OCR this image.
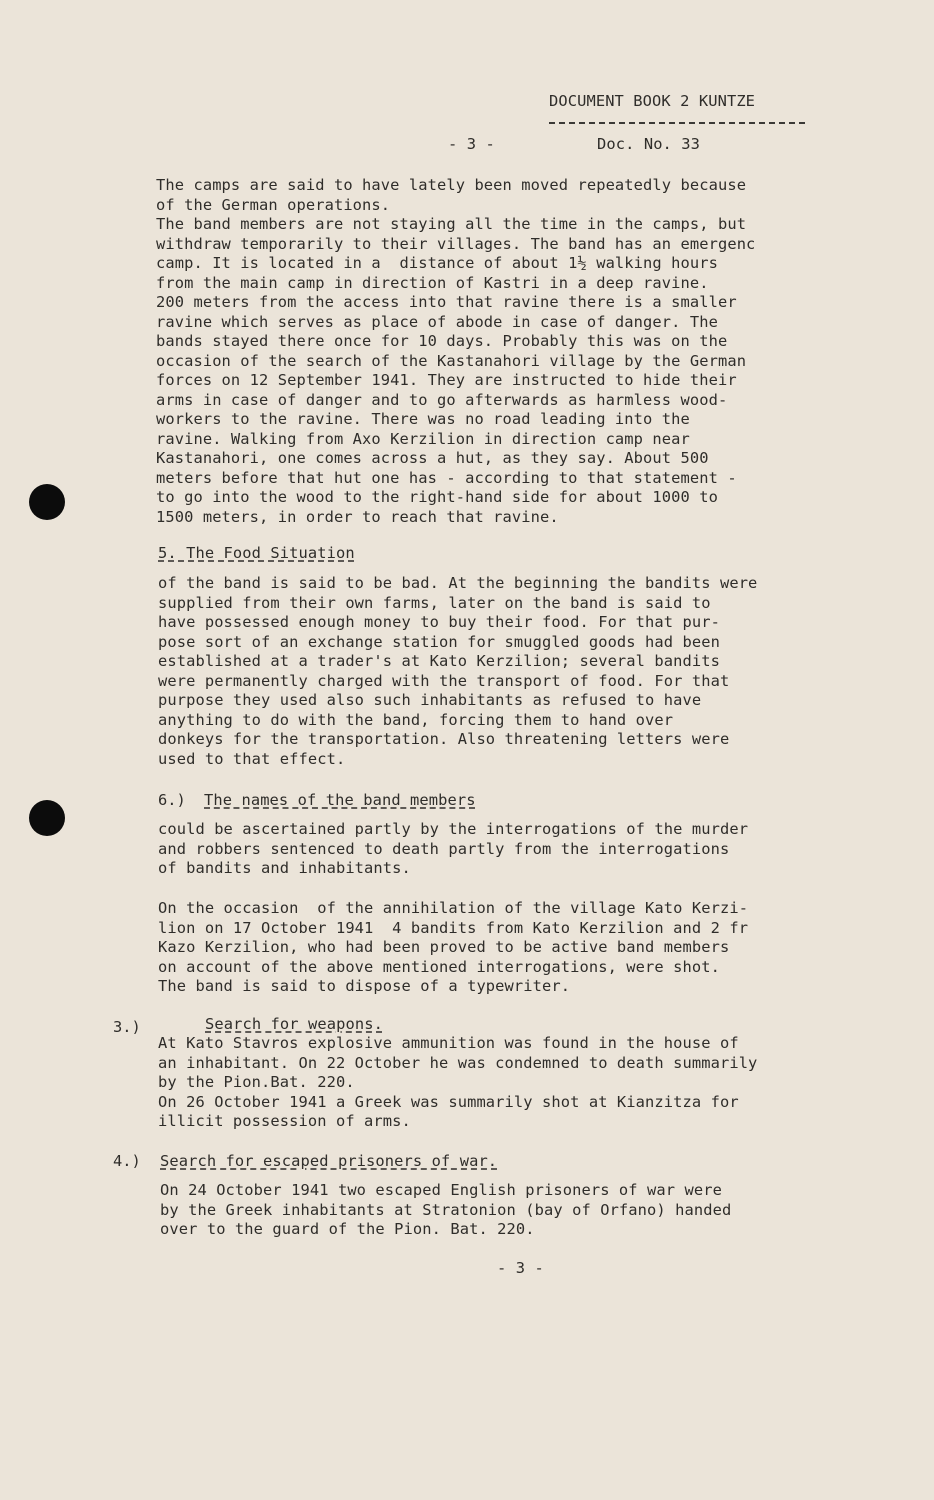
DOCUMENT BOOK 2 KUNTZE
- 3 -	Doc. No. 33
The camps are said to have lately been moved repeatedly because
of the German operations.
The band members are not staying all the time in the camps, but
withdraw temporarily to their villages. The band has an emergenc
camp. It is located in a  distance of about 1½ walking hours
from the main camp in direction of Kastri in a deep ravine.
200 meters from the access into that ravine there is a smaller
ravine which serves as place of abode in case of danger. The
bands stayed there once for 10 days. Probably this was on the
occasion of the search of the Kastanahori village by the German
forces on 12 September 1941. They are instructed to hide their
arms in case of danger and to go afterwards as harmless wood-
workers to the ravine. There was no road leading into the
ravine. Walking from Axo Kerzilion in direction camp near
Kastanahori, one comes across a hut, as they say. About 500
meters before that hut one has - according to that statement -
to go into the wood to the right-hand side for about 1000 to
1500 meters, in order to reach that ravine.
5. The Food Situation
of the band is said to be bad. At the beginning the bandits were
supplied from their own farms, later on the band is said to
have possessed enough money to buy their food. For that pur-
pose sort of an exchange station for smuggled goods had been
established at a trader's at Kato Kerzilion; several bandits
were permanently charged with the transport of food. For that
purpose they used also such inhabitants as refused to have
anything to do with the band, forcing them to hand over
donkeys for the transportation. Also threatening letters were
used to that effect.
6.) The names of the band members
could be ascertained partly by the interrogations of the murder
and robbers sentenced to death partly from the interrogations
of bandits and inhabitants.
On the occasion  of the annihilation of the village Kato Kerzi-
lion on 17 October 1941  4 bandits from Kato Kerzilion and 2 fr
Kazo Kerzilion, who had been proved to be active band members
on account of the above mentioned interrogations, were shot.
The band is said to dispose of a typewriter.
3.)	Search for weapons.
At Kato Stavros explosive ammunition was found in the house of
an inhabitant. On 22 October he was condemned to death summarily
by the Pion.Bat. 220.
On 26 October 1941 a Greek was summarily shot at Kianzitza for
illicit possession of arms.
4.) Search for escaped prisoners of war.
On 24 October 1941 two escaped English prisoners of war were
by the Greek inhabitants at Stratonion (bay of Orfano) handed
over to the guard of the Pion. Bat. 220.
- 3 -
